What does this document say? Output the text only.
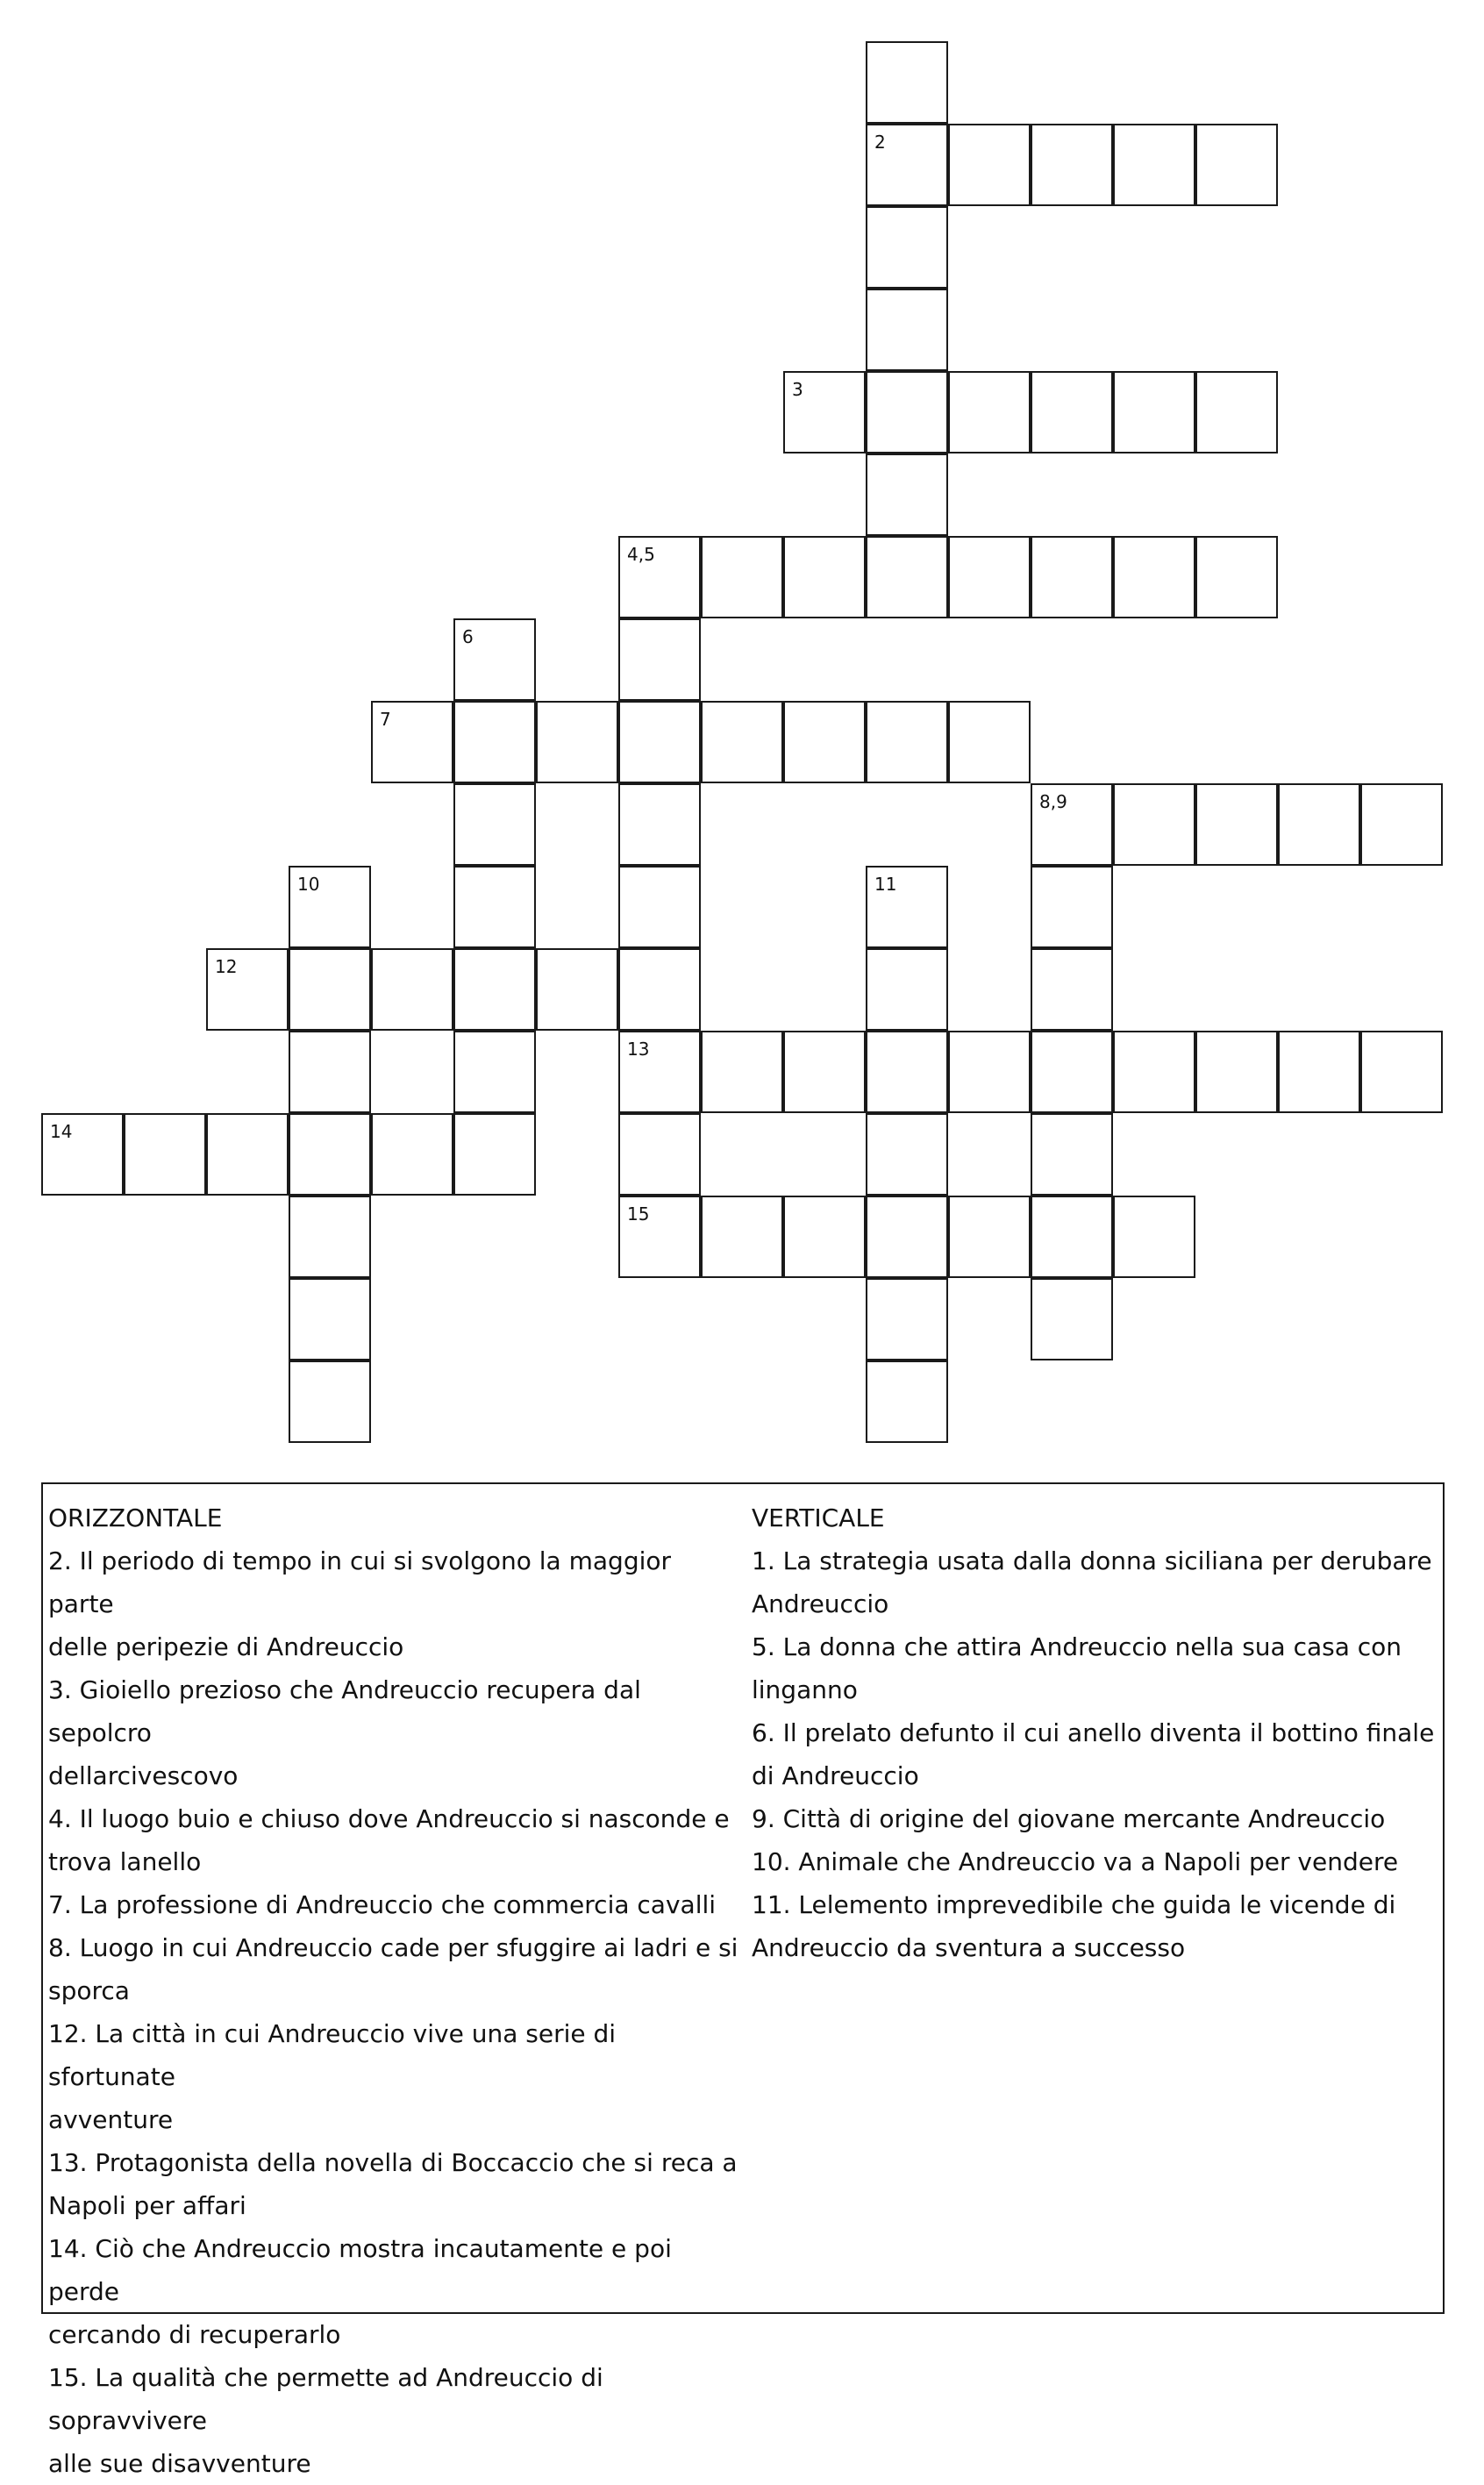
2
3
4,5
6
7
8,9
10	11
12
13
14
15
ORIZZONTALE
2. Il periodo di tempo in cui si svolgono la maggior parte
delle peripezie di Andreuccio
3. Gioiello prezioso che Andreuccio recupera dal sepolcro
dellarcivescovo
4. Il luogo buio e chiuso dove Andreuccio si nasconde e
trova lanello
7. La professione di Andreuccio che commercia cavalli
8. Luogo in cui Andreuccio cade per sfuggire ai ladri e si
sporca
12. La città in cui Andreuccio vive una serie di sfortunate
avventure
13. Protagonista della novella di Boccaccio che si reca a
Napoli per affari
14. Ciò che Andreuccio mostra incautamente e poi perde
cercando di recuperarlo
15. La qualità che permette ad Andreuccio di sopravvivere
alle sue disavventure
VERTICALE
1. La strategia usata dalla donna siciliana per derubare
Andreuccio
5. La donna che attira Andreuccio nella sua casa con
linganno
6. Il prelato defunto il cui anello diventa il bottino finale
di Andreuccio
9. Città di origine del giovane mercante Andreuccio
10. Animale che Andreuccio va a Napoli per vendere
11. Lelemento imprevedibile che guida le vicende di
Andreuccio da sventura a successo
